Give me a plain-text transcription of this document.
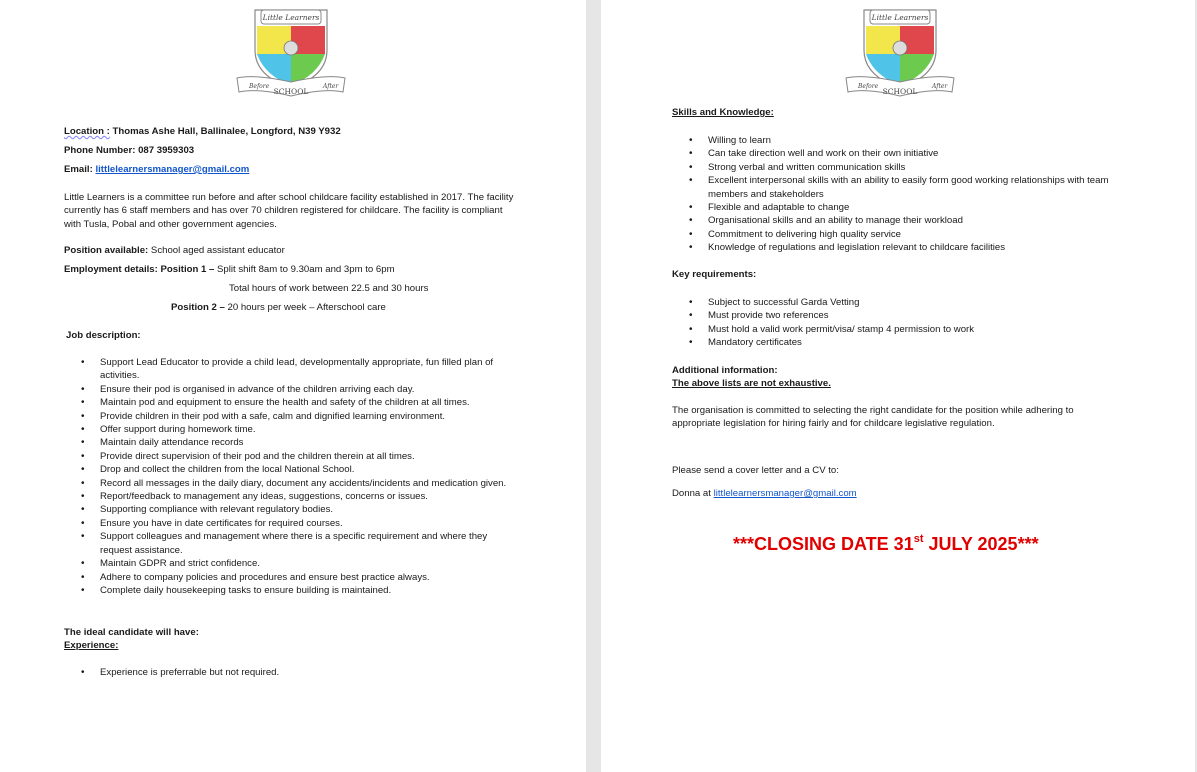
Little Learners
Before
SCHOOL
After
Location : Thomas Ashe Hall, Ballinalee, Longford, N39 Y932
Phone Number: 087 3959303
Email: littlelearnersmanager@gmail.com
Little Learners is a committee run before and after school childcare facility established in 2017. The facility currently has 6 staff members and has over 70 children registered for childcare. The facility is compliant with Tusla, Pobal and other government agencies.
Position available: School aged assistant educator
Employment details: Position 1 – Split shift 8am to 9.30am and 3pm to 6pm
Total hours of work between 22.5 and 30 hours
Position 2 – 20 hours per week – Afterschool care
Job description:
• Support Lead Educator to provide a child lead, developmentally appropriate, fun filled plan of activities.
• Ensure their pod is organised in advance of the children arriving each day.
• Maintain pod and equipment to ensure the health and safety of the children at all times.
• Provide children in their pod with a safe, calm and dignified learning environment.
• Offer support during homework time.
• Maintain daily attendance records
• Provide direct supervision of their pod and the children therein at all times.
• Drop and collect the children from the local National School.
• Record all messages in the daily diary, document any accidents/incidents and medication given.
• Report/feedback to management any ideas, suggestions, concerns or issues.
• Supporting compliance with relevant regulatory bodies.
• Ensure you have in date certificates for required courses.
• Support colleagues and management where there is a specific requirement and where they request assistance.
• Maintain GDPR and strict confidence.
• Adhere to company policies and procedures and ensure best practice always.
• Complete daily housekeeping tasks to ensure building is maintained.
The ideal candidate will have:
Experience:
• Experience is preferrable but not required.
Little Learners
Before
SCHOOL
After
Skills and Knowledge:
• Willing to learn
• Can take direction well and work on their own initiative
• Strong verbal and written communication skills
• Excellent interpersonal skills with an ability to easily form good working relationships with team members and stakeholders
• Flexible and adaptable to change
• Organisational skills and an ability to manage their workload
• Commitment to delivering high quality service
• Knowledge of regulations and legislation relevant to childcare facilities
Key requirements:
• Subject to successful Garda Vetting
• Must provide two references
• Must hold a valid work permit/visa/ stamp 4 permission to work
• Mandatory certificates
Additional information:
The above lists are not exhaustive.
The organisation is committed to selecting the right candidate for the position while adhering to appropriate legislation for hiring fairly and for childcare legislative regulation.
Please send a cover letter and a CV to:
Donna at littlelearnersmanager@gmail.com
***CLOSING DATE 31st JULY 2025***
